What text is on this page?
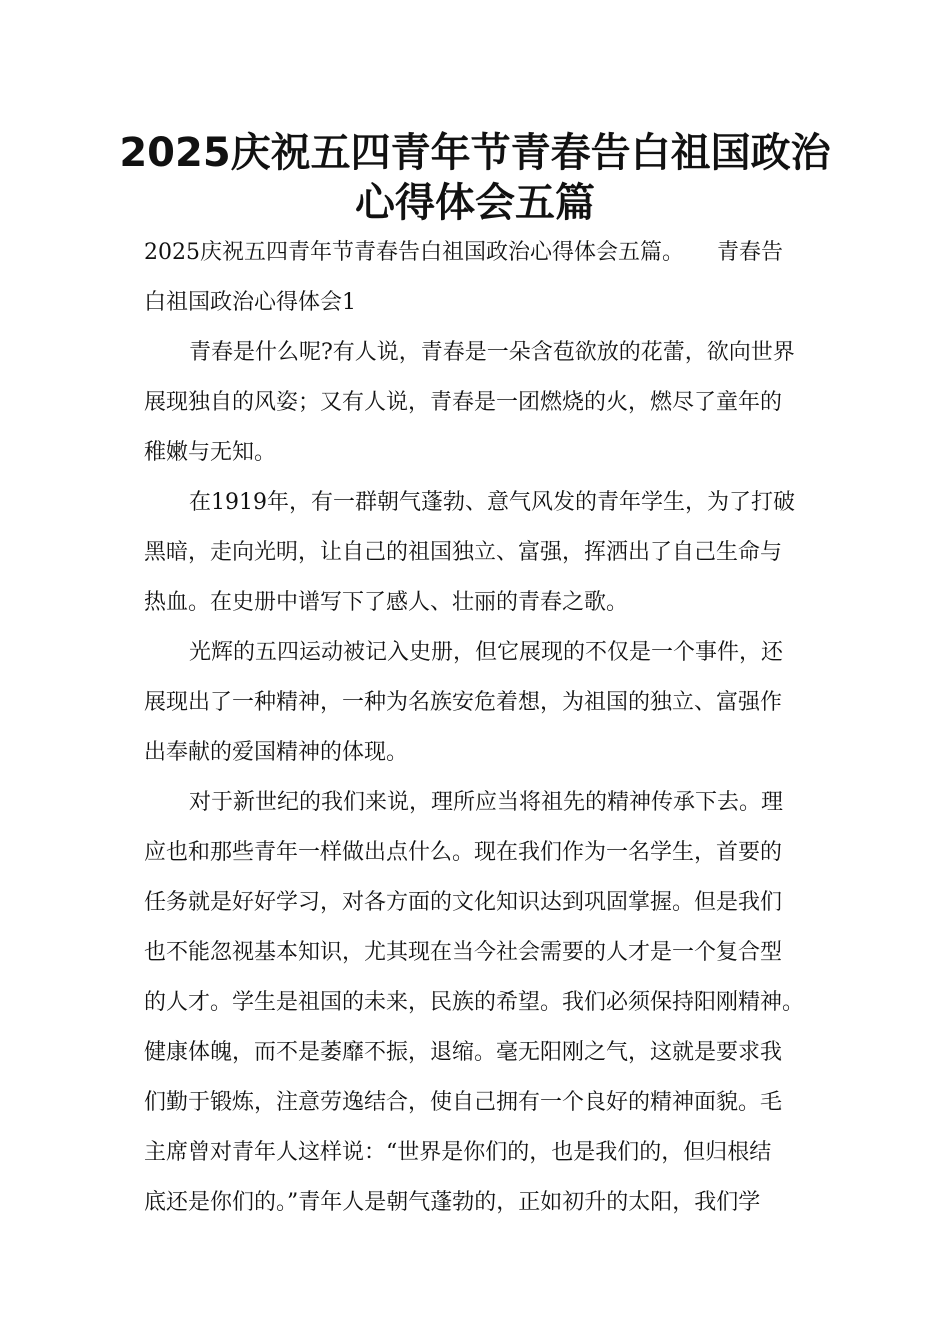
2025庆祝五四青年节青春告白祖国政治
心得体会五篇
2025庆祝五四青年节青春告白祖国政治心得体会五篇。　　青春告
白祖国政治心得体会1
青春是什么呢?有人说，青春是一朵含苞欲放的花蕾，欲向世界
展现独自的风姿；又有人说，青春是一团燃烧的火，燃尽了童年的
稚嫩与无知。
在1919年，有一群朝气蓬勃、意气风发的青年学生，为了打破
黑暗，走向光明，让自己的祖国独立、富强，挥洒出了自己生命与
热血。在史册中谱写下了感人、壮丽的青春之歌。
光辉的五四运动被记入史册，但它展现的不仅是一个事件，还
展现出了一种精神，一种为名族安危着想，为祖国的独立、富强作
出奉献的爱国精神的体现。
对于新世纪的我们来说，理所应当将祖先的精神传承下去。理
应也和那些青年一样做出点什么。现在我们作为一名学生，首要的
任务就是好好学习，对各方面的文化知识达到巩固掌握。但是我们
也不能忽视基本知识，尤其现在当今社会需要的人才是一个复合型
的人才。学生是祖国的未来，民族的希望。我们必须保持阳刚精神。
健康体魄，而不是萎靡不振，退缩。毫无阳刚之气，这就是要求我
们勤于锻炼，注意劳逸结合，使自己拥有一个良好的精神面貌。毛
主席曾对青年人这样说：“世界是你们的，也是我们的，但归根结
底还是你们的。”青年人是朝气蓬勃的，正如初升的太阳，我们学
